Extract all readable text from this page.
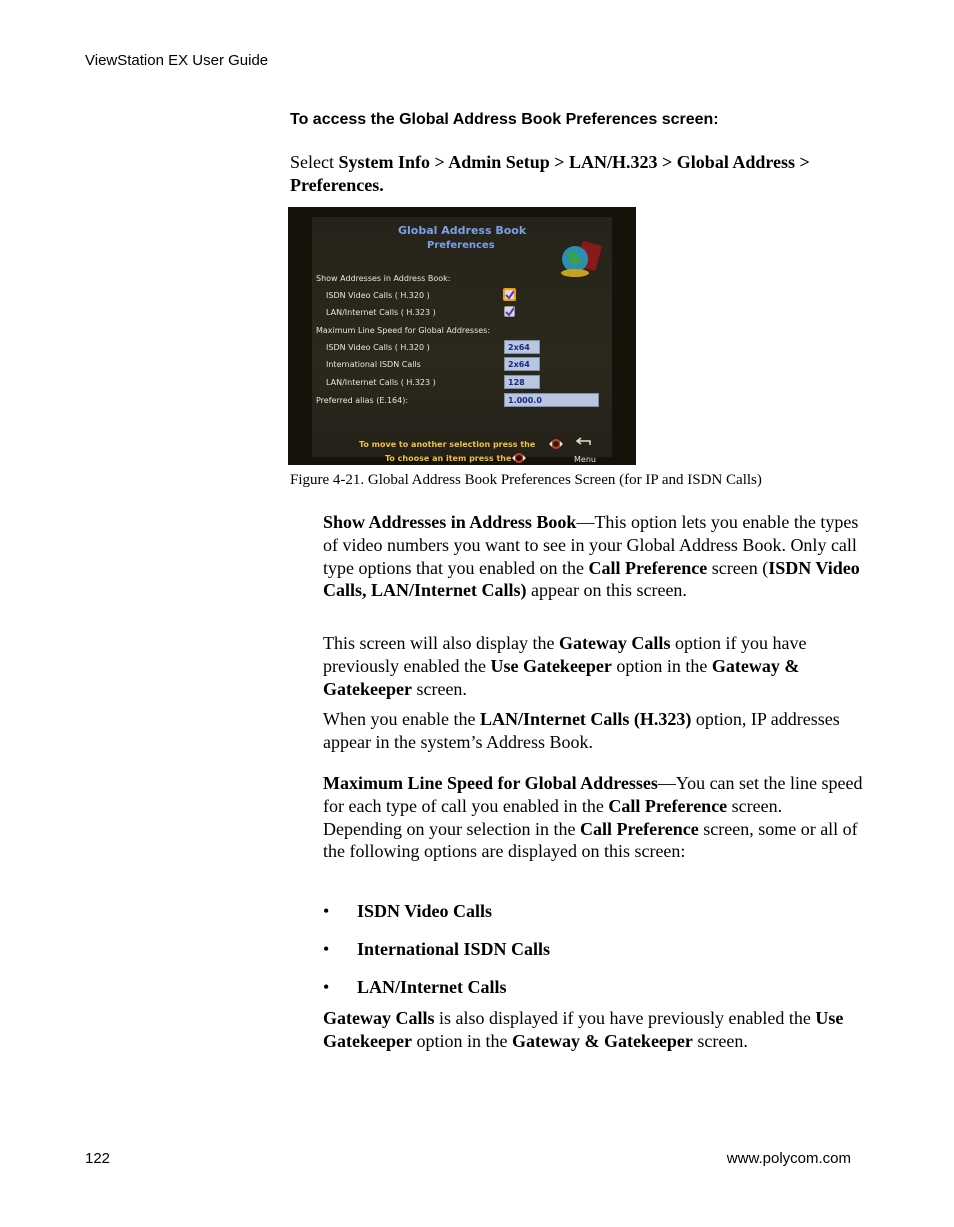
ViewStation EX User Guide
To access the Global Address Book Preferences screen:
Select System Info > Admin Setup > LAN/H.323 > Global Address > Preferences.
Global Address Book
Preferences
Show Addresses in Address Book:
ISDN Video Calls ( H.320 )
LAN/Internet Calls ( H.323 )
Maximum Line Speed for Global Addresses:
ISDN Video Calls ( H.320 )
International ISDN Calls
LAN/Internet Calls ( H.323 )
Preferred alias (E.164):
2x64
2x64
128
1.000.0
To move to another selection press the
To choose an item press the	Menu
Figure 4-21. Global Address Book Preferences Screen (for IP and ISDN Calls)
Show Addresses in Address Book—This option lets you enable the types of video numbers you want to see in your Global Address Book. Only call type options that you enabled on the Call Preference screen (ISDN Video Calls, LAN/Internet Calls) appear on this screen.
This screen will also display the Gateway Calls option if you have previously enabled the Use Gatekeeper option in the Gateway & Gatekeeper screen.
When you enable the LAN/Internet Calls (H.323) option, IP addresses appear in the system’s Address Book.
Maximum Line Speed for Global Addresses—You can set the line speed for each type of call you enabled in the Call Preference screen. Depending on your selection in the Call Preference screen, some or all of the following options are displayed on this screen:
• ISDN Video Calls
• International ISDN Calls
• LAN/Internet Calls
Gateway Calls is also displayed if you have previously enabled the Use Gatekeeper option in the Gateway & Gatekeeper screen.
122	www.polycom.com
